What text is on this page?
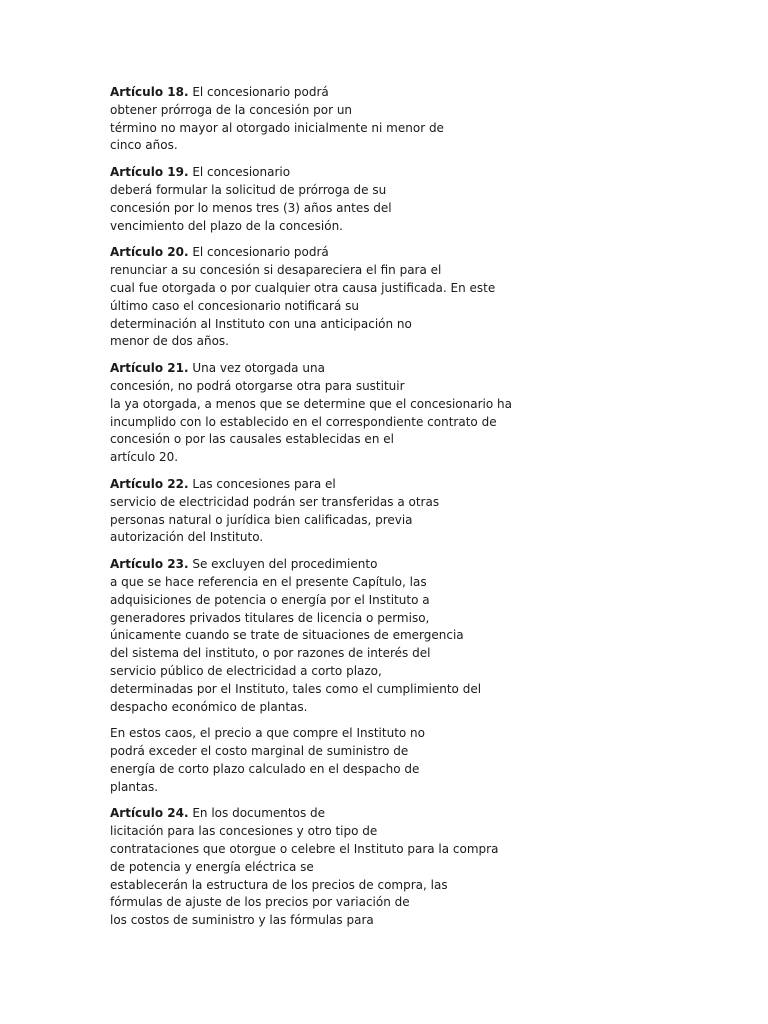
Artículo 18. El concesionario podrá
obtener prórroga de la concesión por un
término no mayor al otorgado inicialmente ni menor de
cinco años.

Artículo 19. El concesionario
deberá formular la solicitud de prórroga de su
concesión por lo menos tres (3) años antes del
vencimiento del plazo de la concesión.

Artículo 20. El concesionario podrá
renunciar a su concesión si desapareciera el fin para el
cual fue otorgada o por cualquier otra causa justificada. En este
último caso el concesionario notificará su
determinación al Instituto con una anticipación no
menor de dos años.

Artículo 21. Una vez otorgada una
concesión, no podrá otorgarse otra para sustituir
la ya otorgada, a menos que se determine que el concesionario ha
incumplido con lo establecido en el correspondiente contrato de
concesión o por las causales establecidas en el
artículo 20.

Artículo 22. Las concesiones para el
servicio de electricidad podrán ser transferidas a otras
personas natural o jurídica bien calificadas, previa
autorización del Instituto.

Artículo 23. Se excluyen del procedimiento
a que se hace referencia en el presente Capítulo, las
adquisiciones de potencia o energía por el Instituto a
generadores privados titulares de licencia o permiso,
únicamente cuando se trate de situaciones de emergencia
del sistema del instituto, o por razones de interés del
servicio público de electricidad a corto plazo,
determinadas por el Instituto, tales como el cumplimiento del
despacho económico de plantas.

En estos caos, el precio a que compre el Instituto no
podrá exceder el costo marginal de suministro de
energía de corto plazo calculado en el despacho de
plantas.

Artículo 24. En los documentos de
licitación para las concesiones y otro tipo de
contrataciones que otorgue o celebre el Instituto para la compra
de potencia y energía eléctrica se
establecerán la estructura de los precios de compra, las
fórmulas de ajuste de los precios por variación de
los costos de suministro y las fórmulas para
